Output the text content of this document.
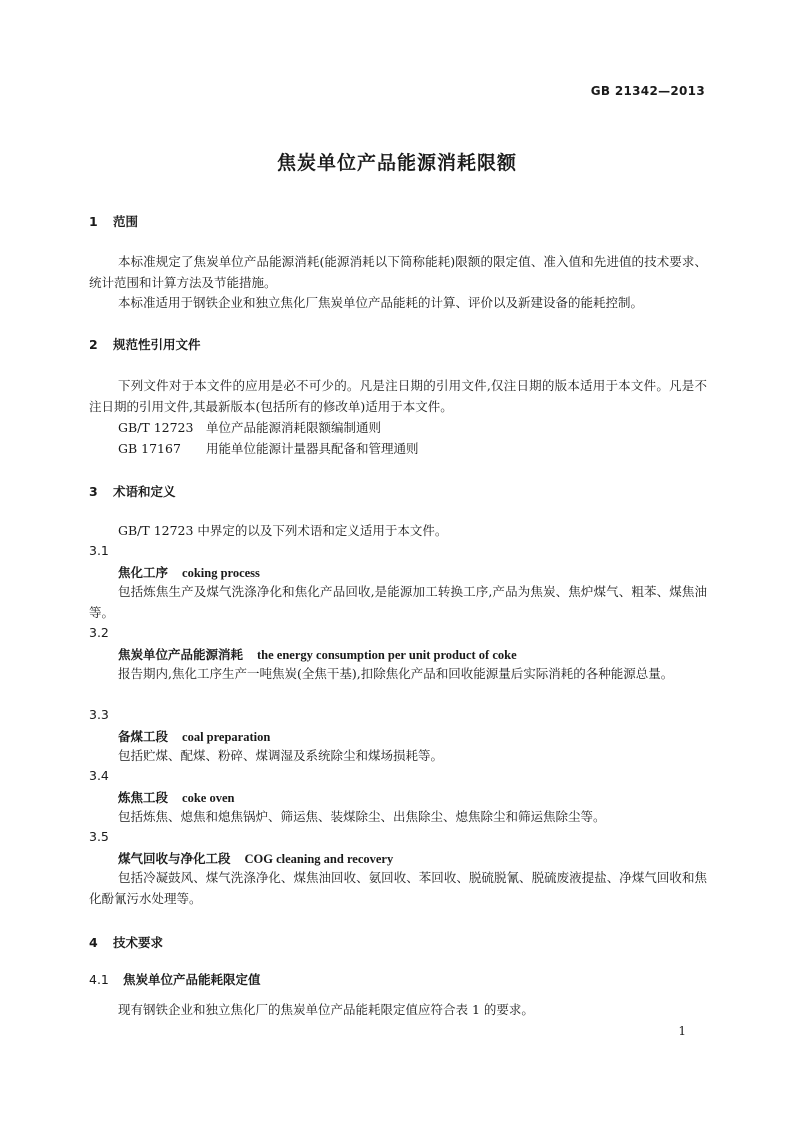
GB 21342—2013
焦炭单位产品能源消耗限额
1 范围
本标准规定了焦炭单位产品能源消耗(能源消耗以下简称能耗)限额的限定值、准入值和先进值的技术要求、统计范围和计算方法及节能措施。
本标准适用于钢铁企业和独立焦化厂焦炭单位产品能耗的计算、评价以及新建设备的能耗控制。
2 规范性引用文件
下列文件对于本文件的应用是必不可少的。凡是注日期的引用文件,仅注日期的版本适用于本文件。凡是不注日期的引用文件,其最新版本(包括所有的修改单)适用于本文件。
GB/T 12723 单位产品能源消耗限额编制通则
GB 17167 用能单位能源计量器具配备和管理通则
3 术语和定义
GB/T 12723 中界定的以及下列术语和定义适用于本文件。
3.1
焦化工序 coking process
包括炼焦生产及煤气洗涤净化和焦化产品回收,是能源加工转换工序,产品为焦炭、焦炉煤气、粗苯、煤焦油等。
3.2
焦炭单位产品能源消耗 the energy consumption per unit product of coke
报告期内,焦化工序生产一吨焦炭(全焦干基),扣除焦化产品和回收能源量后实际消耗的各种能源总量。
3.3
备煤工段 coal preparation
包括贮煤、配煤、粉碎、煤调湿及系统除尘和煤场损耗等。
3.4
炼焦工段 coke oven
包括炼焦、熄焦和熄焦锅炉、筛运焦、装煤除尘、出焦除尘、熄焦除尘和筛运焦除尘等。
3.5
煤气回收与净化工段 COG cleaning and recovery
包括冷凝鼓风、煤气洗涤净化、煤焦油回收、氨回收、苯回收、脱硫脱氰、脱硫废液提盐、净煤气回收和焦化酚氰污水处理等。
4 技术要求
4.1 焦炭单位产品能耗限定值
现有钢铁企业和独立焦化厂的焦炭单位产品能耗限定值应符合表 1 的要求。
1
